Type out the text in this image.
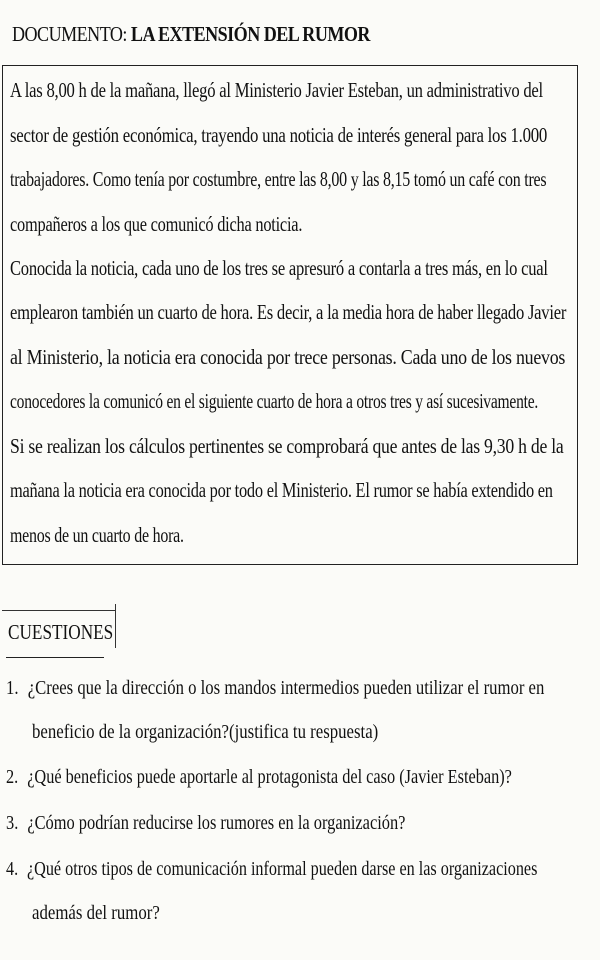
DOCUMENTO: LA EXTENSIÓN DEL RUMOR
A las 8,00 h de la mañana, llegó al Ministerio Javier Esteban, un administrativo del
sector de gestión económica, trayendo una noticia de interés general para los 1.000
trabajadores. Como tenía por costumbre, entre las 8,00 y las 8,15 tomó un café con tres
compañeros a los que comunicó dicha noticia.
Conocida la noticia, cada uno de los tres se apresuró a contarla a tres más, en lo cual
emplearon también un cuarto de hora. Es decir, a la media hora de haber llegado Javier
al Ministerio, la noticia era conocida por trece personas. Cada uno de los nuevos
conocedores la comunicó en el siguiente cuarto de hora a otros tres y así sucesivamente.
Si se realizan los cálculos pertinentes se comprobará que antes de las 9,30 h de la
mañana la noticia era conocida por todo el Ministerio. El rumor se había extendido en
menos de un cuarto de hora.
CUESTIONES
1. ¿Crees que la dirección o los mandos intermedios pueden utilizar el rumor en
beneficio de la organización?(justifica tu respuesta)
2. ¿Qué beneficios puede aportarle al protagonista del caso (Javier Esteban)?
3. ¿Cómo podrían reducirse los rumores en la organización?
4. ¿Qué otros tipos de comunicación informal pueden darse en las organizaciones
además del rumor?
